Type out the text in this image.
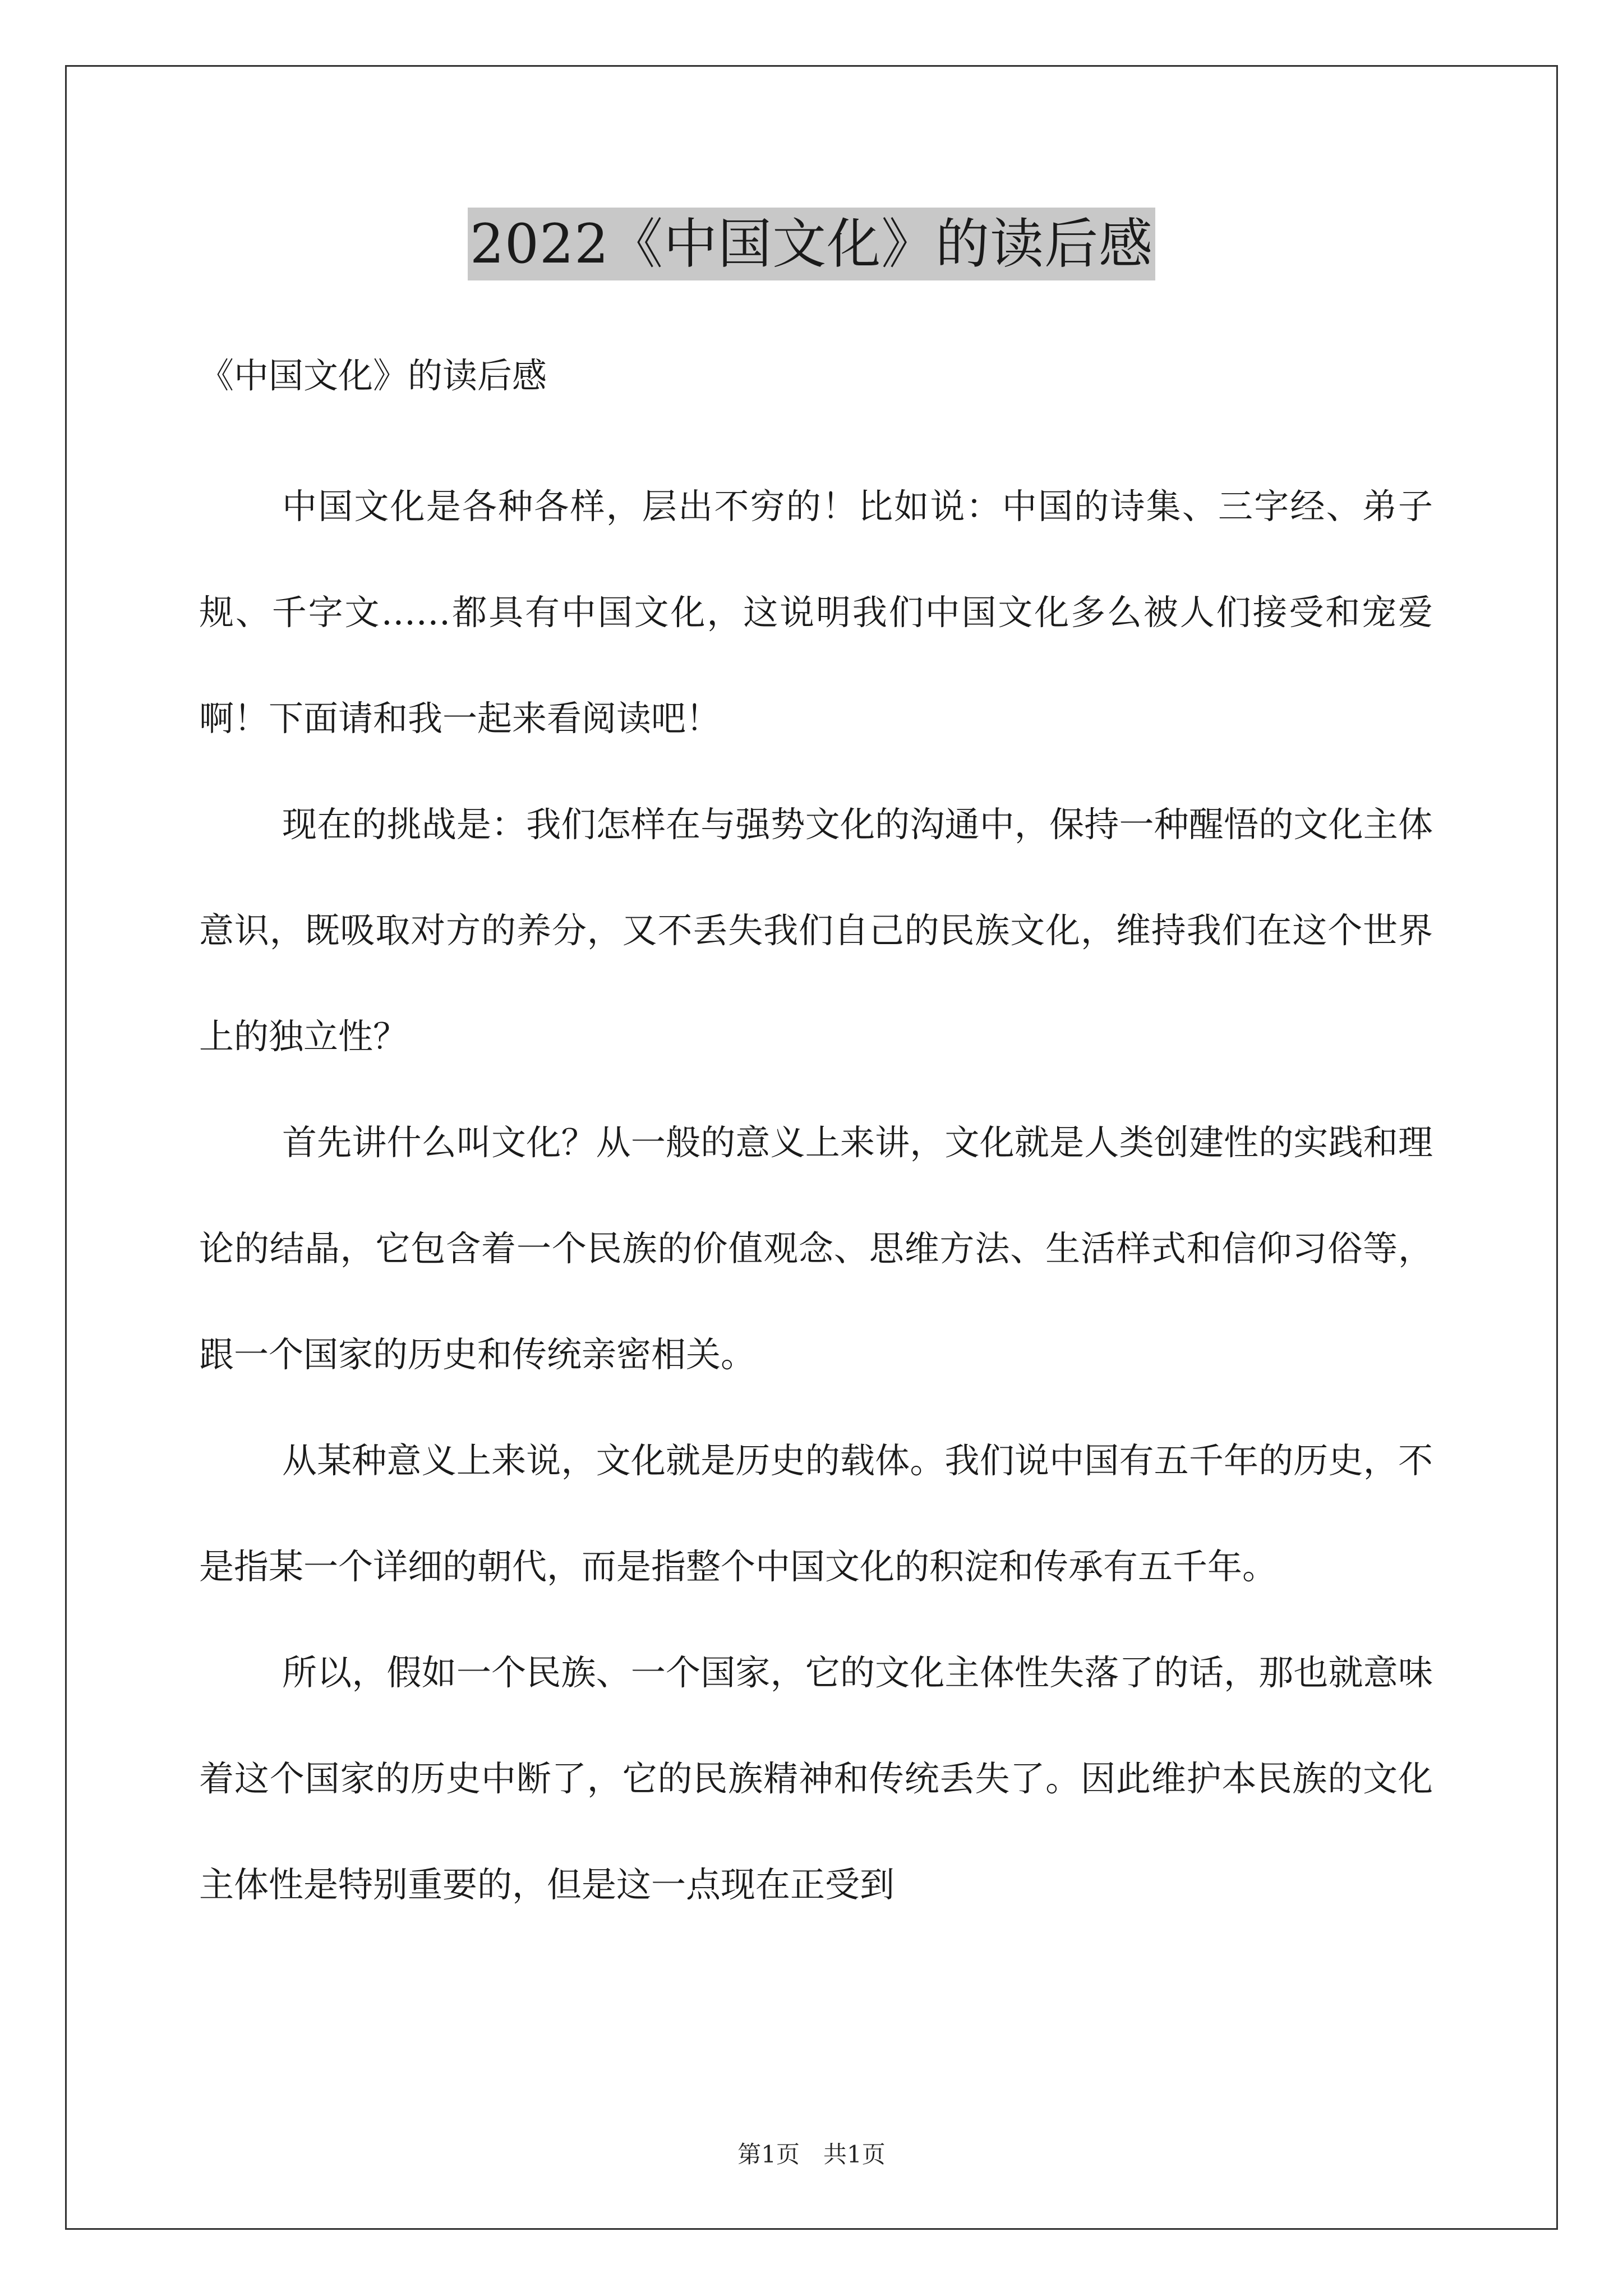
2022《中国文化》的读后感
《中国文化》的读后感

中国文化是各种各样，层出不穷的！比如说：中国的诗集、三字经、弟子规、千字文……都具有中国文化，这说明我们中国文化多么被人们接受和宠爱啊！下面请和我一起来看阅读吧！

现在的挑战是：我们怎样在与强势文化的沟通中，保持一种醒悟的文化主体意识，既吸取对方的养分，又不丢失我们自己的民族文化，维持我们在这个世界上的独立性？

首先讲什么叫文化？从一般的意义上来讲，文化就是人类创建性的实践和理论的结晶，它包含着一个民族的价值观念、思维方法、生活样式和信仰习俗等，跟一个国家的历史和传统亲密相关。

从某种意义上来说，文化就是历史的载体。我们说中国有五千年的历史，不是指某一个详细的朝代，而是指整个中国文化的积淀和传承有五千年。

所以，假如一个民族、一个国家，它的文化主体性失落了的话，那也就意味着这个国家的历史中断了，它的民族精神和传统丢失了。因此维护本民族的文化主体性是特别重要的，但是这一点现在正受到

第1页　共1页
